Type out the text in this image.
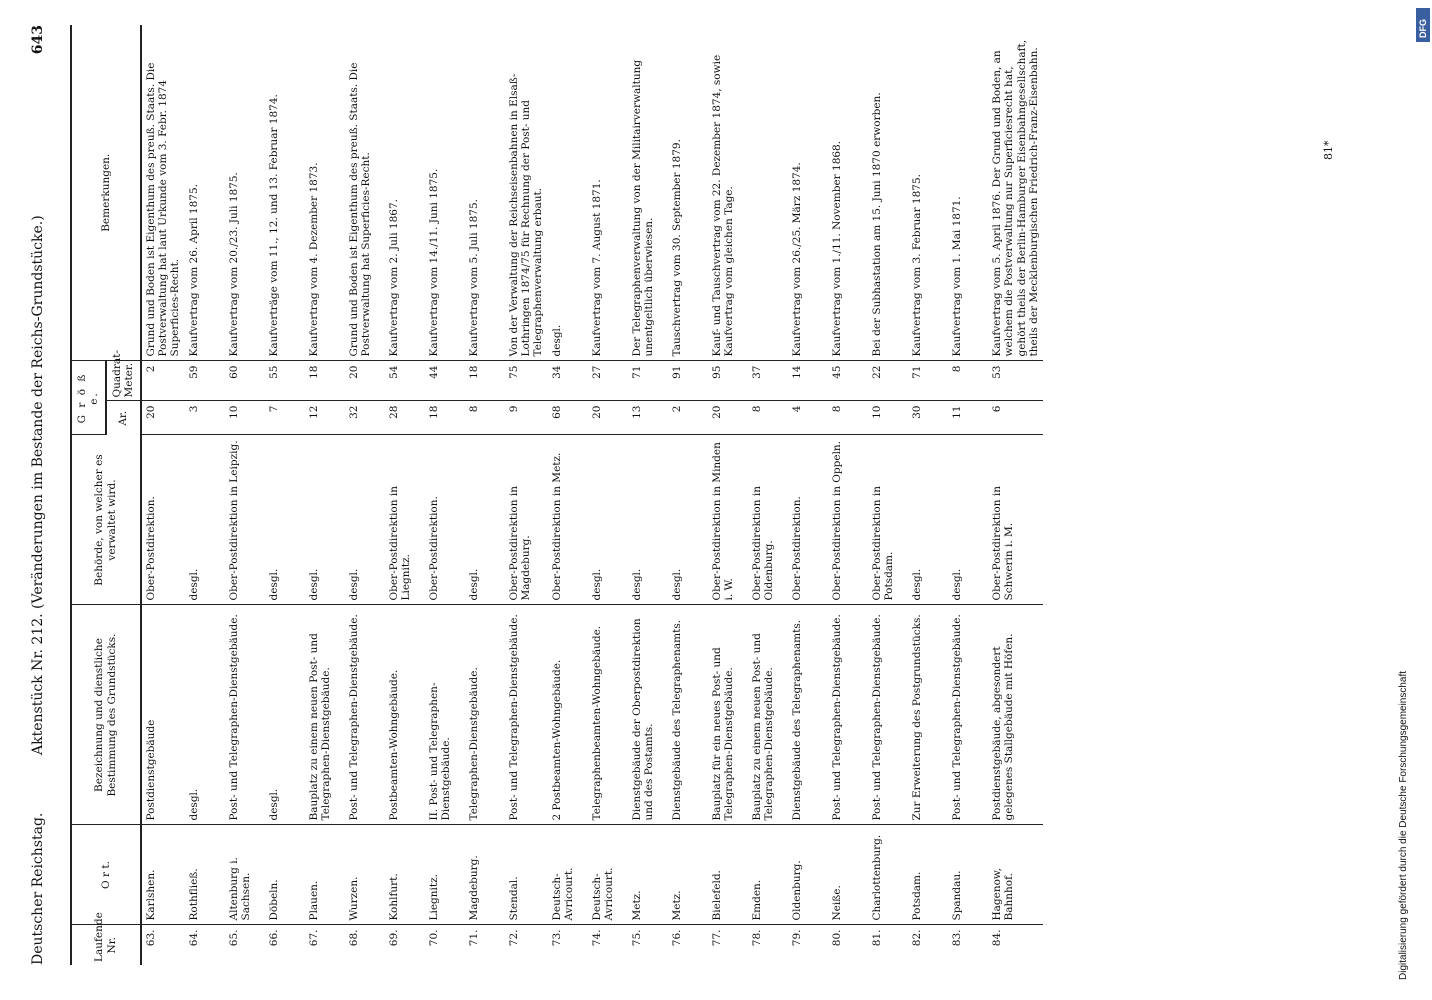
Deutscher Reichstag.
Aktenstück Nr. 212. (Veränderungen im Bestande der Reichs-Grundstücke.)
643
Laufende Nr.	O r t.	Bezeichnung und dienstliche Bestimmung des Grundstücks.	Behörde, von welcher es verwaltet wird.	G r ö ß e.		Bemerkungen.
				Ar.	Quadrat-Meter.	
63.	Karlshen.	Postdienstgebäude	Ober-Postdirektion.	20	2	Grund und Boden ist Eigenthum des preuß. Staats. Die Postverwaltung hat laut Urkunde vom 3. Febr. 1874 Superficies-Recht.
64.	Rothfließ.	desgl.	desgl.	3	59	Kaufvertrag vom 26. April 1875.
65.	Altenburg i. Sachsen.	Post- und Telegraphen-Dienstgebäude.	Ober-Postdirektion in Leipzig.	10	60	Kaufvertrag vom 20./23. Juli 1875.
66.	Döbeln.	desgl.	desgl.	7	55	Kaufverträge vom 11., 12. und 13. Februar 1874.
67.	Plauen.	Bauplatz zu einem neuen Post- und Telegraphen-Dienstgebäude.	desgl.	12	18	Kaufvertrag vom 4. Dezember 1873.
68.	Wurzen.	Post- und Telegraphen-Dienstgebäude.	desgl.	32	20	Grund und Boden ist Eigenthum des preuß. Staats. Die Postverwaltung hat Superficies-Recht.
69.	Kohlfurt.	Postbeamten-Wohngebäude.	Ober-Postdirektion in Liegnitz.	28	54	Kaufvertrag vom 2. Juli 1867.
70.	Liegnitz.	II. Post- und Telegraphen-Dienstgebäude.	Ober-Postdirektion.	18	44	Kaufvertrag vom 14./11. Juni 1875.
71.	Magdeburg.	Telegraphen-Dienstgebäude.	desgl.	8	18	Kaufvertrag vom 5. Juli 1875.
72.	Stendal.	Post- und Telegraphen-Dienstgebäude.	Ober-Postdirektion in Magdeburg.	9	75	Von der Verwaltung der Reichseisenbahnen in Elsaß-Lothringen 1874/75 für Rechnung der Post- und Telegraphenverwaltung erbaut.
73.	Deutsch-Avricourt.	2 Postbeamten-Wohngebäude.	Ober-Postdirektion in Metz.	68	34	desgl.
74.	Deutsch-Avricourt.	Telegraphenbeamten-Wohngebäude.	desgl.	20	27	Kaufvertrag vom 7. August 1871.
75.	Metz.	Dienstgebäude der Oberpostdirektion und des Postamts.	desgl.	13	71	Der Telegraphenverwaltung von der Militairverwaltung unentgeltlich überwiesen.
76.	Metz.	Dienstgebäude des Telegraphenamts.	desgl.	2	91	Tauschvertrag vom 30. September 1879.
77.	Bielefeld.	Bauplatz für ein neues Post- und Telegraphen-Dienstgebäude.	Ober-Postdirektion in Minden i. W.	20	95	Kauf- und Tauschvertrag vom 22. Dezember 1874, sowie Kaufvertrag vom gleichen Tage.
78.	Emden.	Bauplatz zu einem neuen Post- und Telegraphen-Dienstgebäude.	Ober-Postdirektion in Oldenburg.	8	37	
79.	Oldenburg.	Dienstgebäude des Telegraphenamts.	Ober-Postdirektion.	4	14	Kaufvertrag vom 26./25. März 1874.
80.	Neiße.	Post- und Telegraphen-Dienstgebäude.	Ober-Postdirektion in Oppeln.	8	45	Kaufvertrag vom 1./11. November 1868.
81.	Charlottenburg.	Post- und Telegraphen-Dienstgebäude.	Ober-Postdirektion in Potsdam.	10	22	Bei der Subhastation am 15. Juni 1870 erworben.
82.	Potsdam.	Zur Erweiterung des Postgrundstücks.	desgl.	30	71	Kaufvertrag vom 3. Februar 1875.
83.	Spandau.	Post- und Telegraphen-Dienstgebäude.	desgl.	11	8	Kaufvertrag vom 1. Mai 1871.
84.	Hagenow, Bahnhof.	Postdienstgebäude, abgesondert gelegenes Stallgebäude mit Höfen.	Ober-Postdirektion in Schwerin i. M.	6	53	Kaufvertrag vom 5. April 1876. Der Grund und Boden, an welchem die Postverwaltung nur Superficiesrecht hat, gehört theils der Berlin-Hamburger Eisenbahngesellschaft, theils der Mecklenburgischen Friedrich-Franz-Eisenbahn.	81*
Digitalisierung gefördert durch die Deutsche Forschungsgemeinschaft
DFG
